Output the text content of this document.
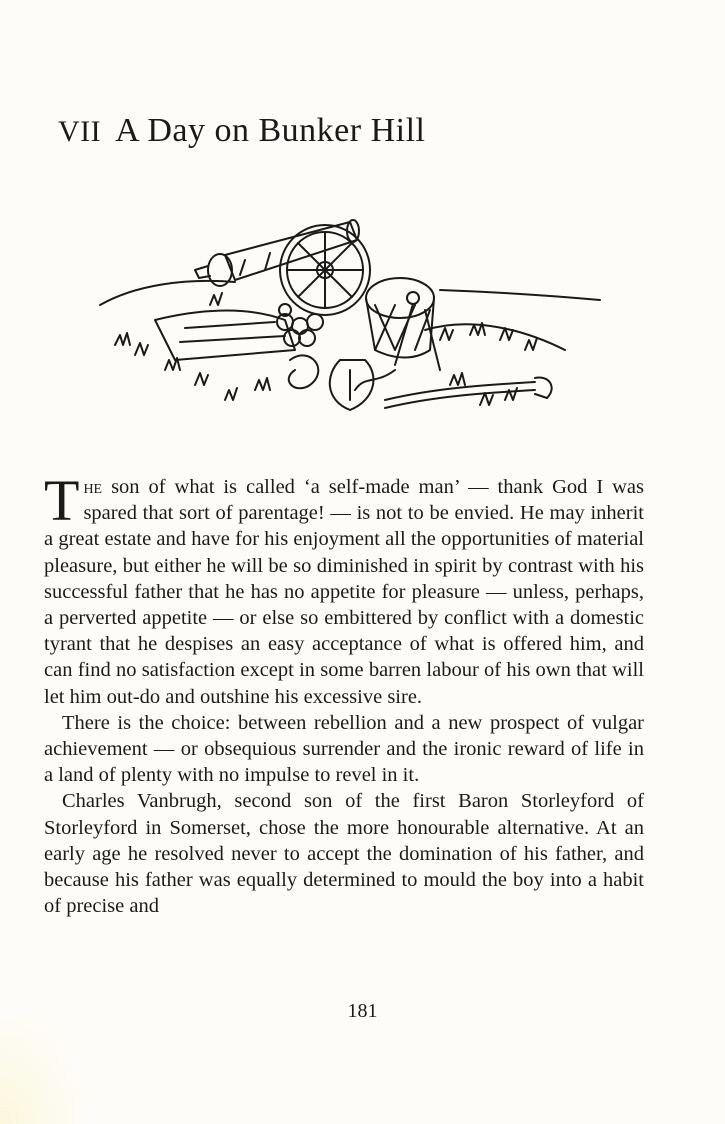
VII A Day on Bunker Hill

The son of what is called ‘a self-made man’ — thank God I was spared that sort of parentage! — is not to be envied. He may inherit a great estate and have for his enjoyment all the opportunities of material pleasure, but either he will be so diminished in spirit by contrast with his successful father that he has no appetite for pleasure — unless, perhaps, a perverted appetite — or else so embittered by conflict with a domestic tyrant that he despises an easy acceptance of what is offered him, and can find no satisfaction except in some barren labour of his own that will let him out-do and outshine his excessive sire.

There is the choice: between rebellion and a new prospect of vulgar achievement — or obsequious surrender and the ironic reward of life in a land of plenty with no impulse to revel in it.

Charles Vanbrugh, second son of the first Baron Storleyford of Storleyford in Somerset, chose the more honourable alternative. At an early age he resolved never to accept the domination of his father, and because his father was equally determined to mould the boy into a habit of precise and

181
